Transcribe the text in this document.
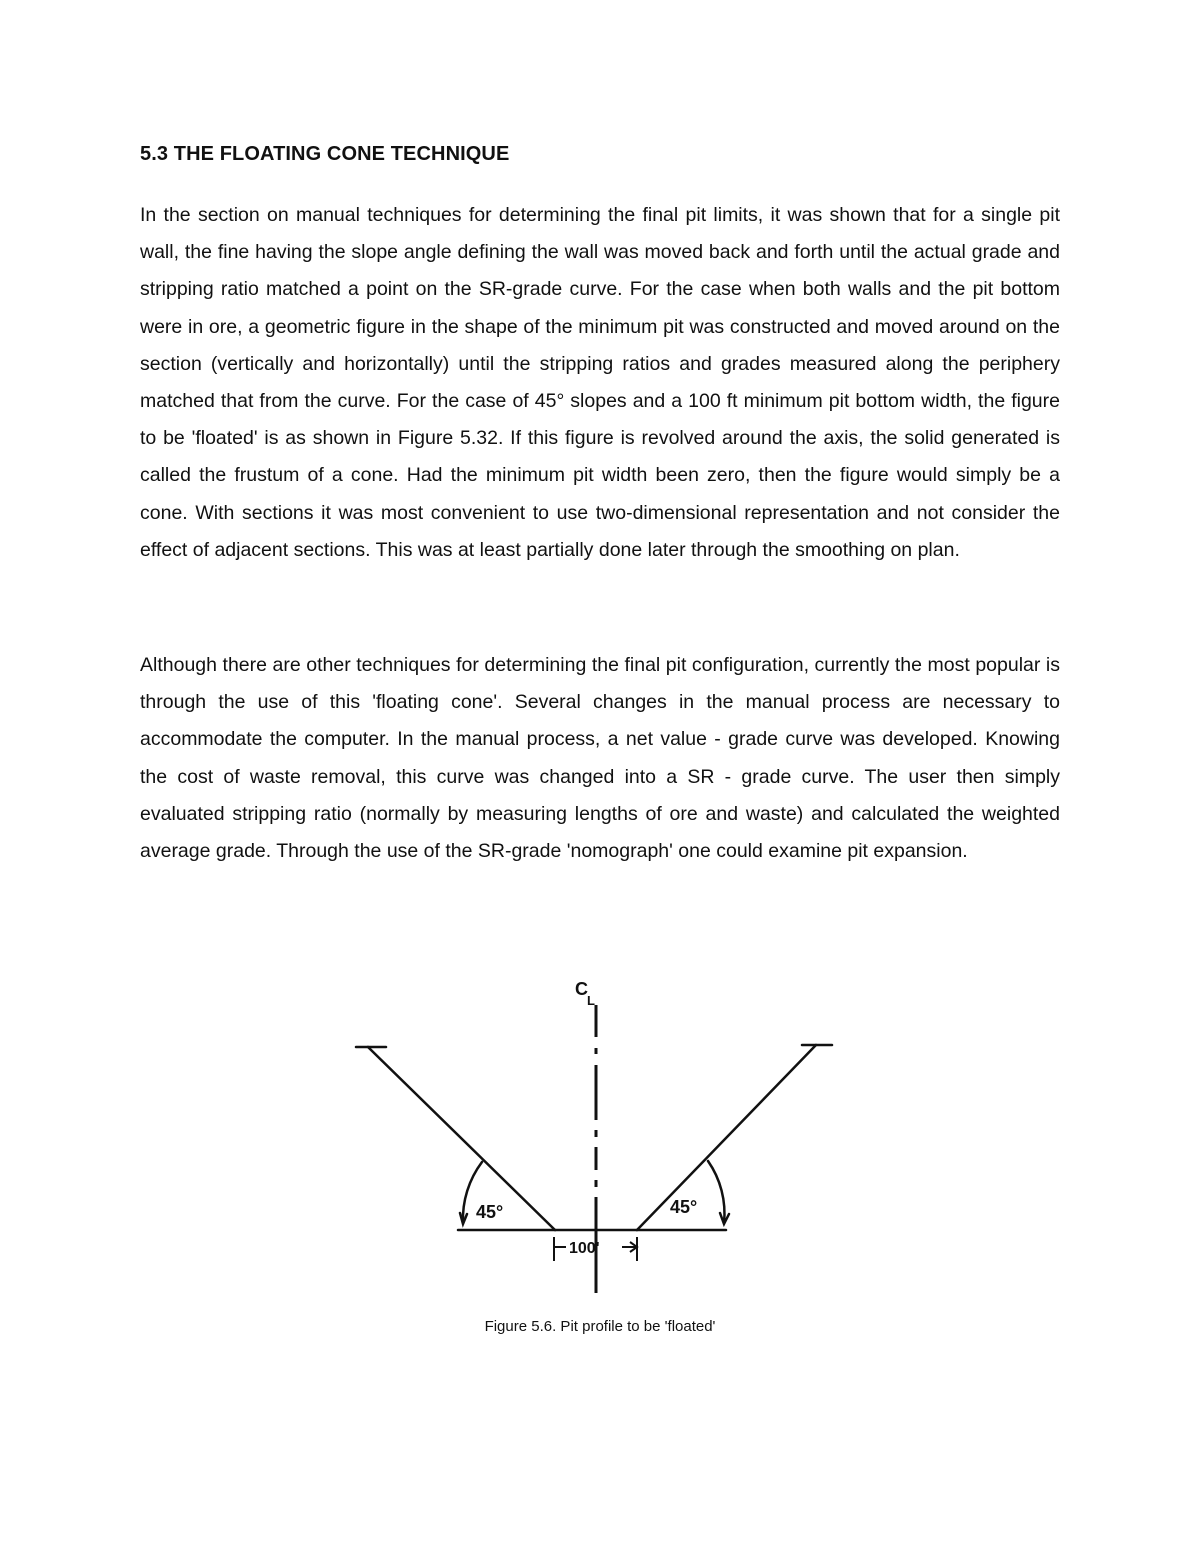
5.3 THE FLOATING CONE TECHNIQUE

In the section on manual techniques for determining the final pit limits, it was shown that for a single pit wall, the fine having the slope angle defining the wall was moved back and forth until the actual grade and stripping ratio matched a point on the SR-grade curve. For the case when both walls and the pit bottom were in ore, a geometric figure in the shape of the minimum pit was constructed and moved around on the section (vertically and horizontally) until the stripping ratios and grades measured along the periphery matched that from the curve. For the case of 45° slopes and a 100 ft minimum pit bottom width, the figure to be 'floated' is as shown in Figure 5.32. If this figure is revolved around the axis, the solid generated is called the frustum of a cone. Had the minimum pit width been zero, then the figure would simply be a cone. With sections it was most convenient to use two-dimensional representation and not consider the effect of adjacent sections. This was at least partially done later through the smoothing on plan.

Although there are other techniques for determining the final pit configuration, currently the most popular is through the use of this 'floating cone'. Several changes in the manual process are necessary to accommodate the computer. In the manual process, a net value - grade curve was developed. Knowing the cost of waste removal, this curve was changed into a SR - grade curve. The user then simply evaluated stripping ratio (normally by measuring lengths of ore and waste) and calculated the weighted average grade. Through the use of the SR-grade 'nomograph' one could examine pit expansion.

C
L
100'
45°	45°
Figure 5.6. Pit profile to be 'floated'
